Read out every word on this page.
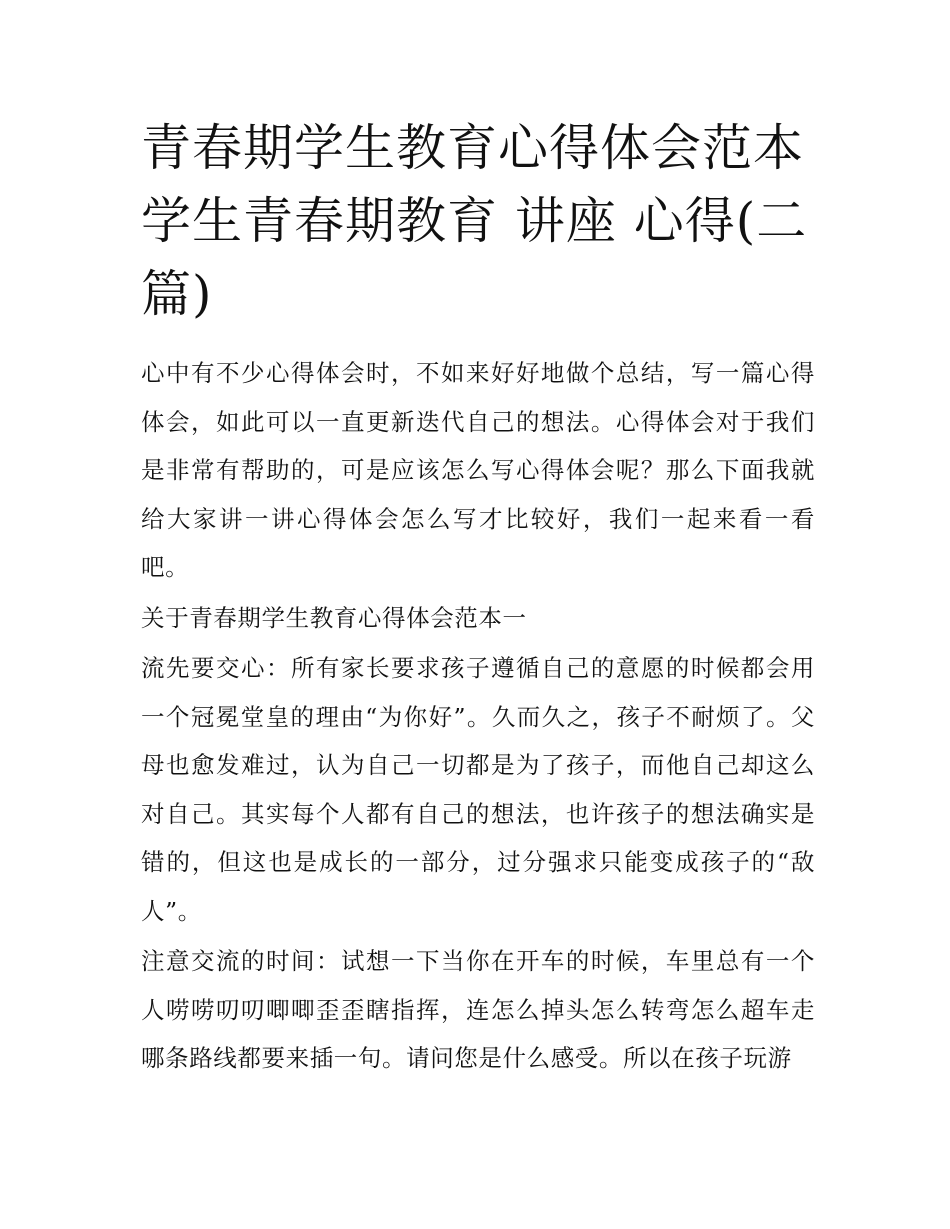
青春期学生教育心得体会范本 学生青春期教育 讲座 心得(二篇)

心中有不少心得体会时，不如来好好地做个总结，写一篇心得体会，如此可以一直更新迭代自己的想法。心得体会对于我们是非常有帮助的，可是应该怎么写心得体会呢？那么下面我就给大家讲一讲心得体会怎么写才比较好，我们一起来看一看吧。

关于青春期学生教育心得体会范本一

流先要交心：所有家长要求孩子遵循自己的意愿的时候都会用一个冠冕堂皇的理由“为你好”。久而久之，孩子不耐烦了。父母也愈发难过，认为自己一切都是为了孩子，而他自己却这么对自己。其实每个人都有自己的想法，也许孩子的想法确实是错的，但这也是成长的一部分，过分强求只能变成孩子的“敌人”。

注意交流的时间：试想一下当你在开车的时候，车里总有一个人唠唠叨叨唧唧歪歪瞎指挥，连怎么掉头怎么转弯怎么超车走哪条路线都要来插一句。请问您是什么感受。所以在孩子玩游
